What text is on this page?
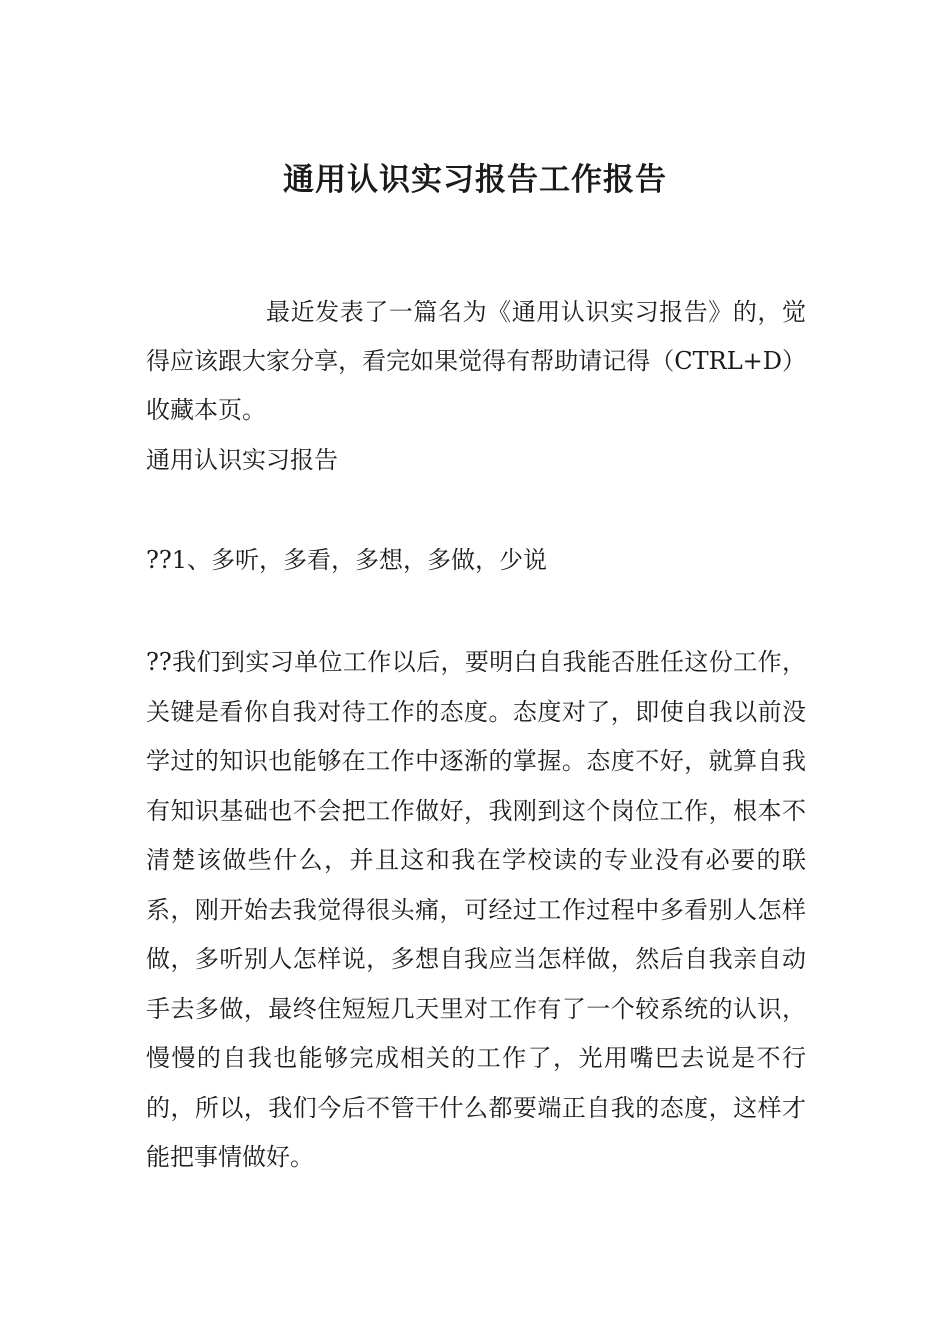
通用认识实习报告工作报告

最近发表了一篇名为《通用认识实习报告》的，觉得应该跟大家分享，看完如果觉得有帮助请记得（CTRL+D）收藏本页。

通用认识实习报告

??1、多听，多看，多想，多做，少说

??我们到实习单位工作以后，要明白自我能否胜任这份工作，关键是看你自我对待工作的态度。态度对了，即使自我以前没学过的知识也能够在工作中逐渐的掌握。态度不好，就算自我有知识基础也不会把工作做好，我刚到这个岗位工作，根本不清楚该做些什么，并且这和我在学校读的专业没有必要的联系，刚开始去我觉得很头痛，可经过工作过程中多看别人怎样做，多听别人怎样说，多想自我应当怎样做，然后自我亲自动手去多做，最终住短短几天里对工作有了一个较系统的认识，慢慢的自我也能够完成相关的工作了，光用嘴巴去说是不行的，所以，我们今后不管干什么都要端正自我的态度，这样才能把事情做好。
